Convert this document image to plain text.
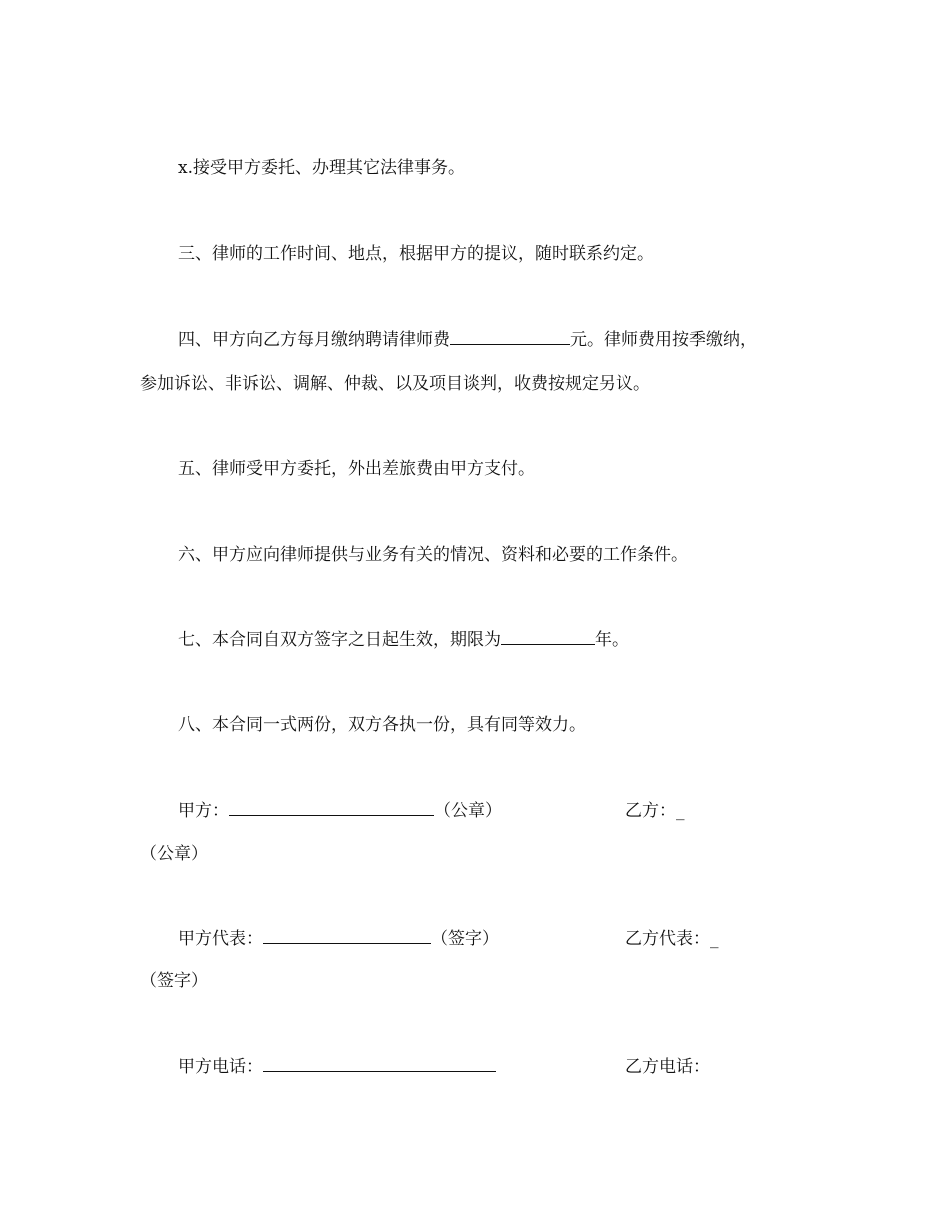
x.接受甲方委托、办理其它法律事务。
三、律师的工作时间、地点，根据甲方的提议，随时联系约定。
四、甲方向乙方每月缴纳聘请律师费	元。律师费用按季缴纳，
参加诉讼、非诉讼、调解、仲裁、以及项目谈判，收费按规定另议。
五、律师受甲方委托，外出差旅费由甲方支付。
六、甲方应向律师提供与业务有关的情况、资料和必要的工作条件。
七、本合同自双方签字之日起生效，期限为	年。
八、本合同一式两份，双方各执一份，具有同等效力。
甲方：	（公章）	乙方：_
（公章）
甲方代表：	（签字）	乙方代表：_
（签字）
甲方电话：	乙方电话：
